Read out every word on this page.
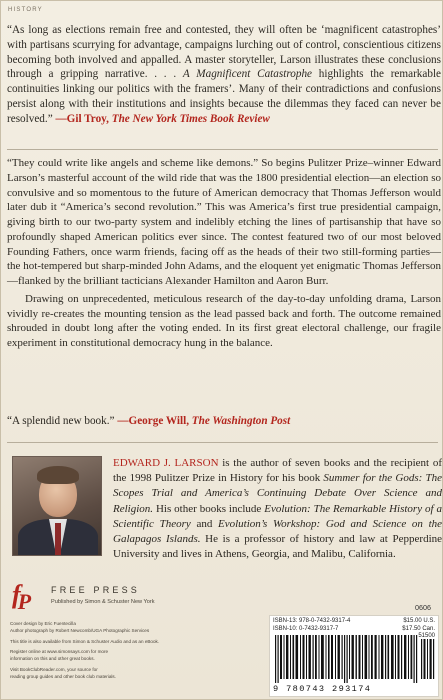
HISTORY
“As long as elections remain free and contested, they will often be ‘magnificent catastrophes’ with partisans scurrying for advantage, campaigns lurching out of control, conscientious citizens becoming both involved and appalled. A master storyteller, Larson illustrates these conclusions through a gripping narrative. . . . A Magnificent Catastrophe highlights the remarkable continuities linking our politics with the framers’. Many of their contradictions and confusions persist along with their institutions and insights because the dilemmas they faced can never be resolved.” —Gil Troy, The New York Times Book Review

“They could write like angels and scheme like demons.” So begins Pulitzer Prize–winner Edward Larson’s masterful account of the wild ride that was the 1800 presidential election—an election so convulsive and so momentous to the future of American democracy that Thomas Jefferson would later dub it “America’s second revolution.” This was America’s first true presidential campaign, giving birth to our two-party system and indelibly etching the lines of partisanship that have so profoundly shaped American politics ever since. The contest featured two of our most beloved Founding Fathers, once warm friends, facing off as the heads of their two still-forming parties—the hot-tempered but sharp-minded John Adams, and the eloquent yet enigmatic Thomas Jefferson—flanked by the brilliant tacticians Alexander Hamilton and Aaron Burr.

Drawing on unprecedented, meticulous research of the day-to-day unfolding drama, Larson vividly re-creates the mounting tension as the lead passed back and forth. The outcome remained shrouded in doubt long after the voting ended. In its first great electoral challenge, our fragile experiment in constitutional democracy hung in the balance.

“A splendid new book.” —George Will, The Washington Post
EDWARD J. LARSON is the author of seven books and the recipient of the 1998 Pulitzer Prize in History for his book Summer for the Gods: The Scopes Trial and America’s Continuing Debate Over Science and Religion. His other books include Evolution: The Remarkable History of a Scientific Theory and Evolution’s Workshop: God and Science on the Galapagos Islands. He is a professor of history and law at Pepperdine University and lives in Athens, Georgia, and Malibu, California.
$f_P$	FREE PRESS
Published by Simon & Schuster New York
0606
Cover design by Eric Fuentecilla
Author photograph by Robert Newcomb/UGA Photographic Services
This title is also available from Simon & Schuster Audio and as an eBook.
Register online at www.simonsays.com for more
information on this and other great books.
Visit BookClubReader.com, your source for
reading group guides and other book club materials.
ISBN-13: 978-0-7432-9317-4
ISBN-10: 0-7432-9317-7
$15.00 U.S.
$17.50 Can.
51500
9 780743 293174
